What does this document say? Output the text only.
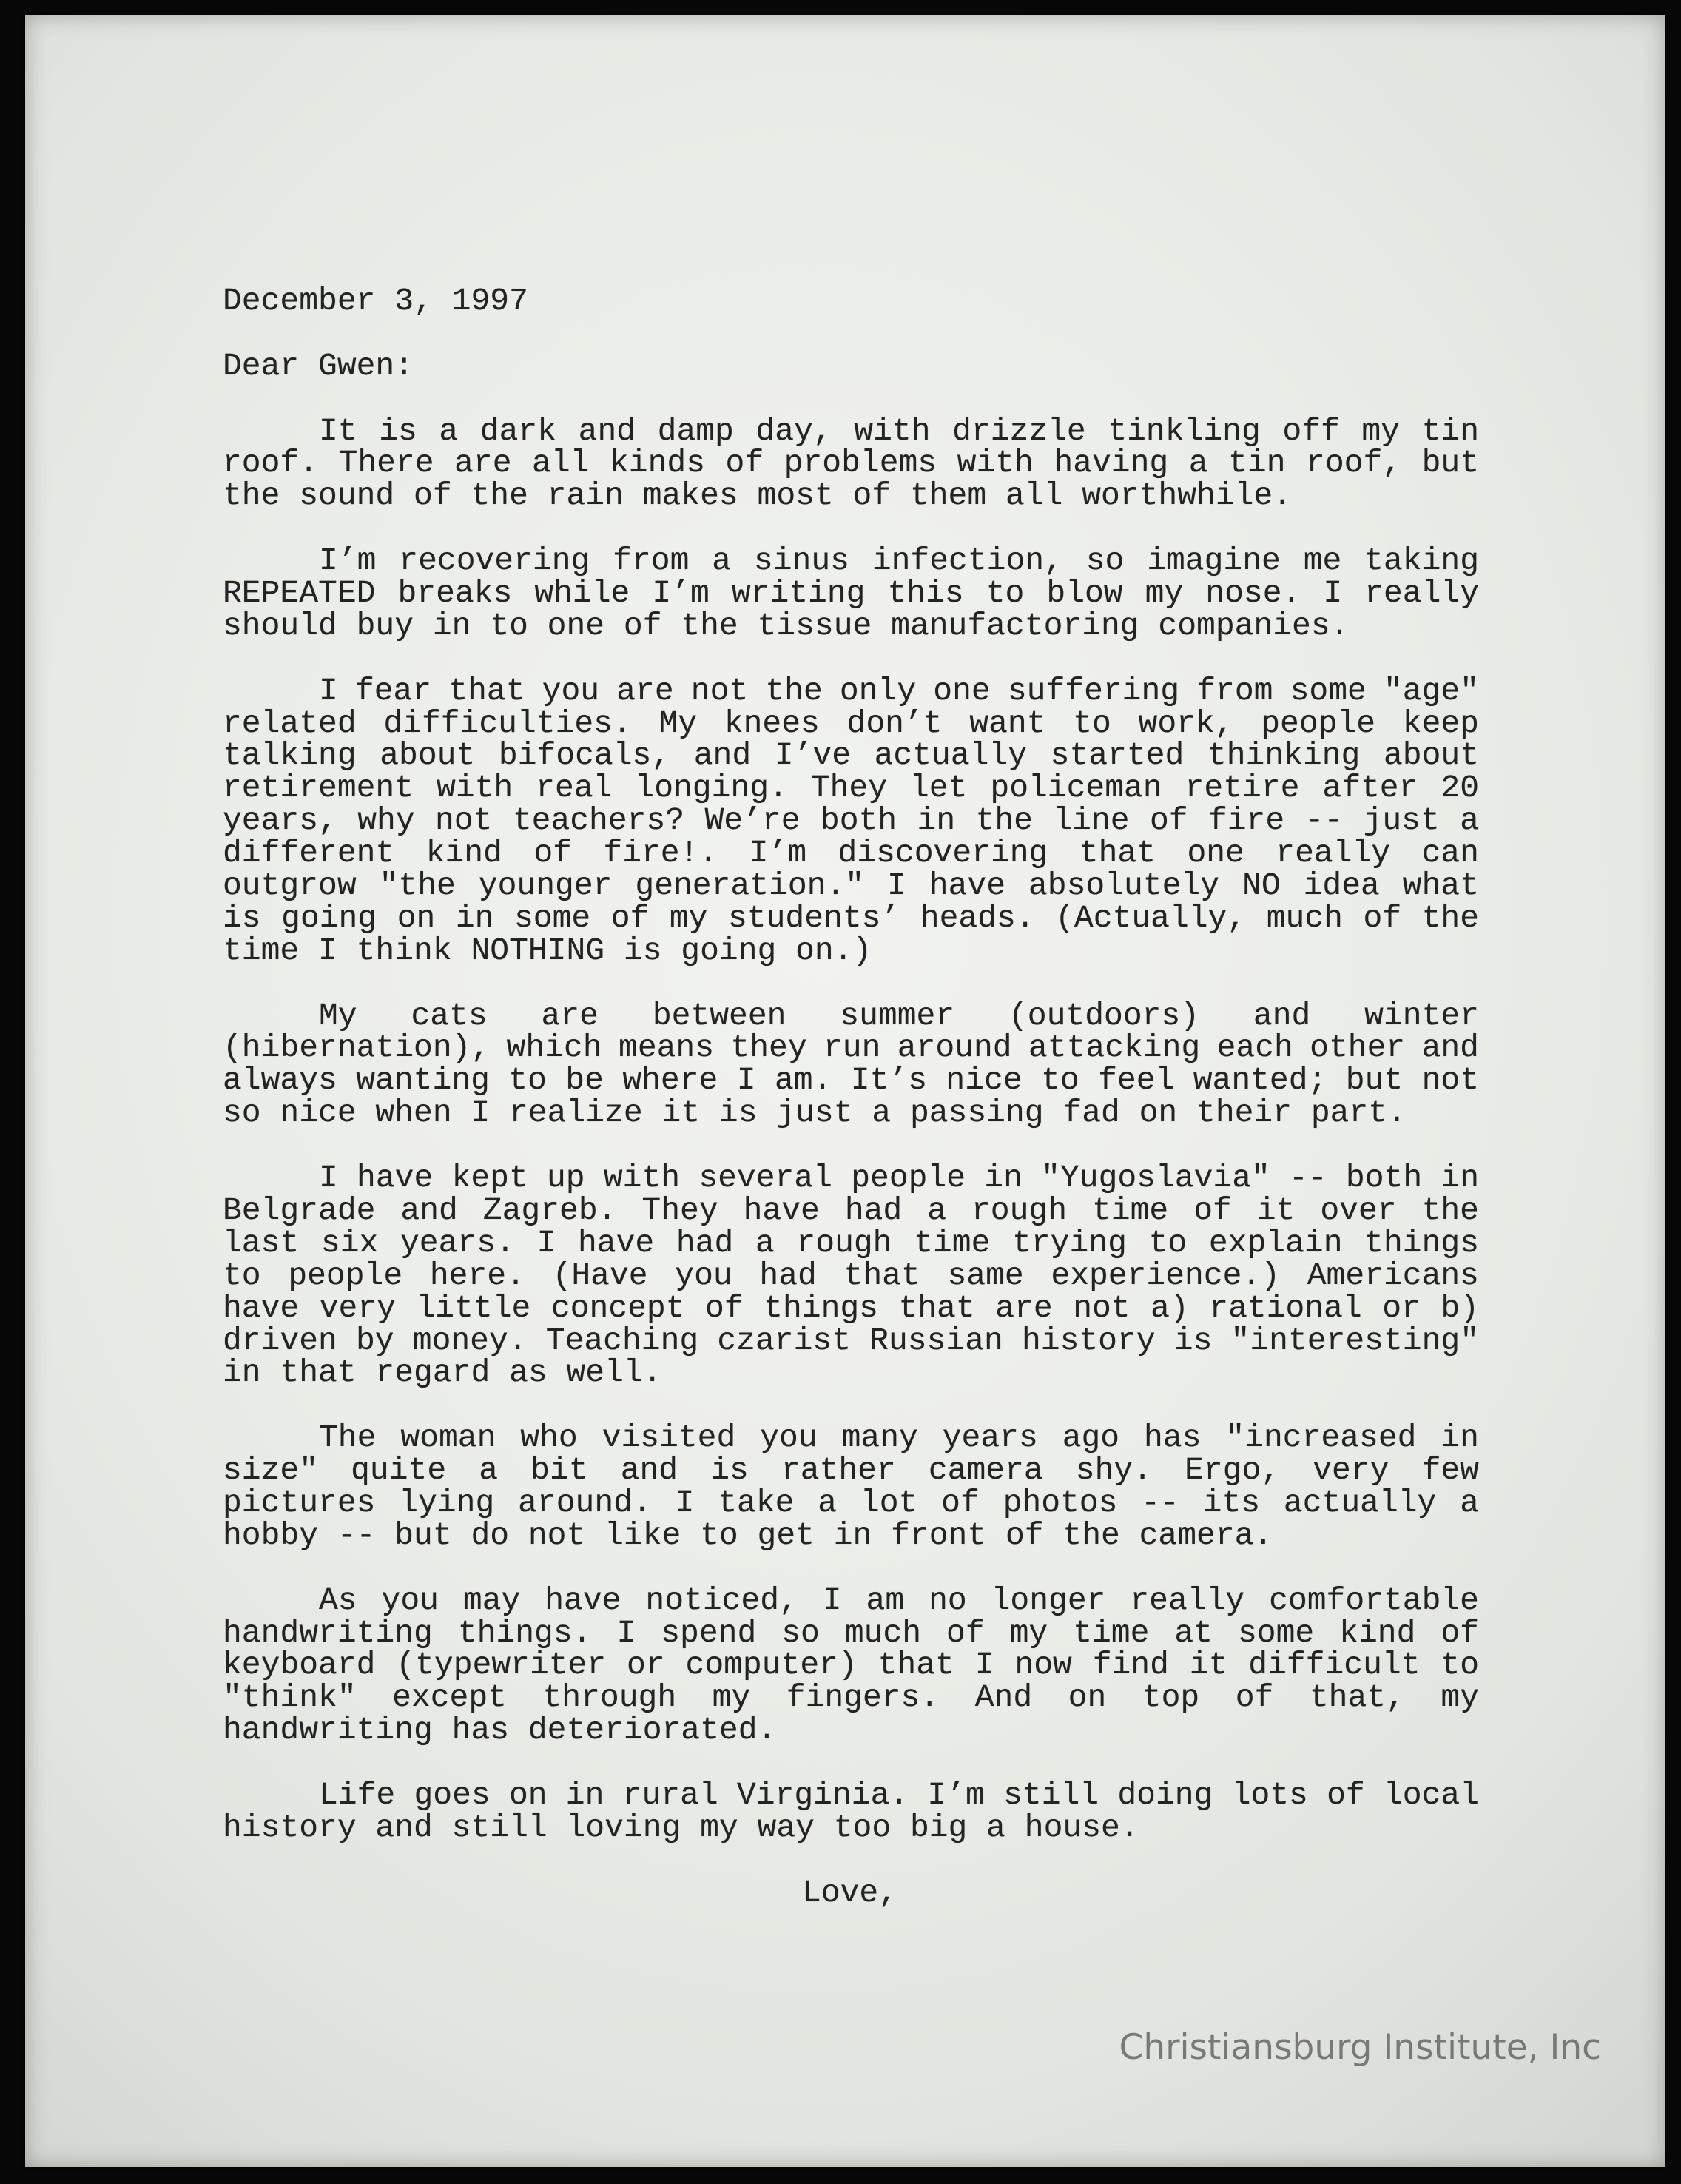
December 3, 1997
Dear Gwen:
It is a dark and damp day, with drizzle tinkling off my tin
roof. There are all kinds of problems with having a tin roof, but
the sound of the rain makes most of them all worthwhile.
I’m recovering from a sinus infection, so imagine me taking
REPEATED breaks while I’m writing this to blow my nose. I really
should buy in to one of the tissue manufactoring companies.
I fear that you are not the only one suffering from some "age"
related difficulties. My knees don’t want to work, people keep
talking about bifocals, and I’ve actually started thinking about
retirement with real longing. They let policeman retire after 20
years, why not teachers? We’re both in the line of fire -- just a
different kind of fire!. I’m discovering that one really can
outgrow "the younger generation." I have absolutely NO idea what
is going on in some of my students’ heads. (Actually, much of the
time I think NOTHING is going on.)
My cats are between summer (outdoors) and winter
(hibernation), which means they run around attacking each other and
always wanting to be where I am. It’s nice to feel wanted; but not
so nice when I realize it is just a passing fad on their part.
I have kept up with several people in "Yugoslavia" -- both in
Belgrade and Zagreb. They have had a rough time of it over the
last six years. I have had a rough time trying to explain things
to people here. (Have you had that same experience.) Americans
have very little concept of things that are not a) rational or b)
driven by money. Teaching czarist Russian history is "interesting"
in that regard as well.
The woman who visited you many years ago has "increased in
size" quite a bit and is rather camera shy. Ergo, very few
pictures lying around. I take a lot of photos -- its actually a
hobby -- but do not like to get in front of the camera.
As you may have noticed, I am no longer really comfortable
handwriting things. I spend so much of my time at some kind of
keyboard (typewriter or computer) that I now find it difficult to
"think" except through my fingers. And on top of that, my
handwriting has deteriorated.
Life goes on in rural Virginia. I’m still doing lots of local
history and still loving my way too big a house.
Love,
Christiansburg Institute, Inc
